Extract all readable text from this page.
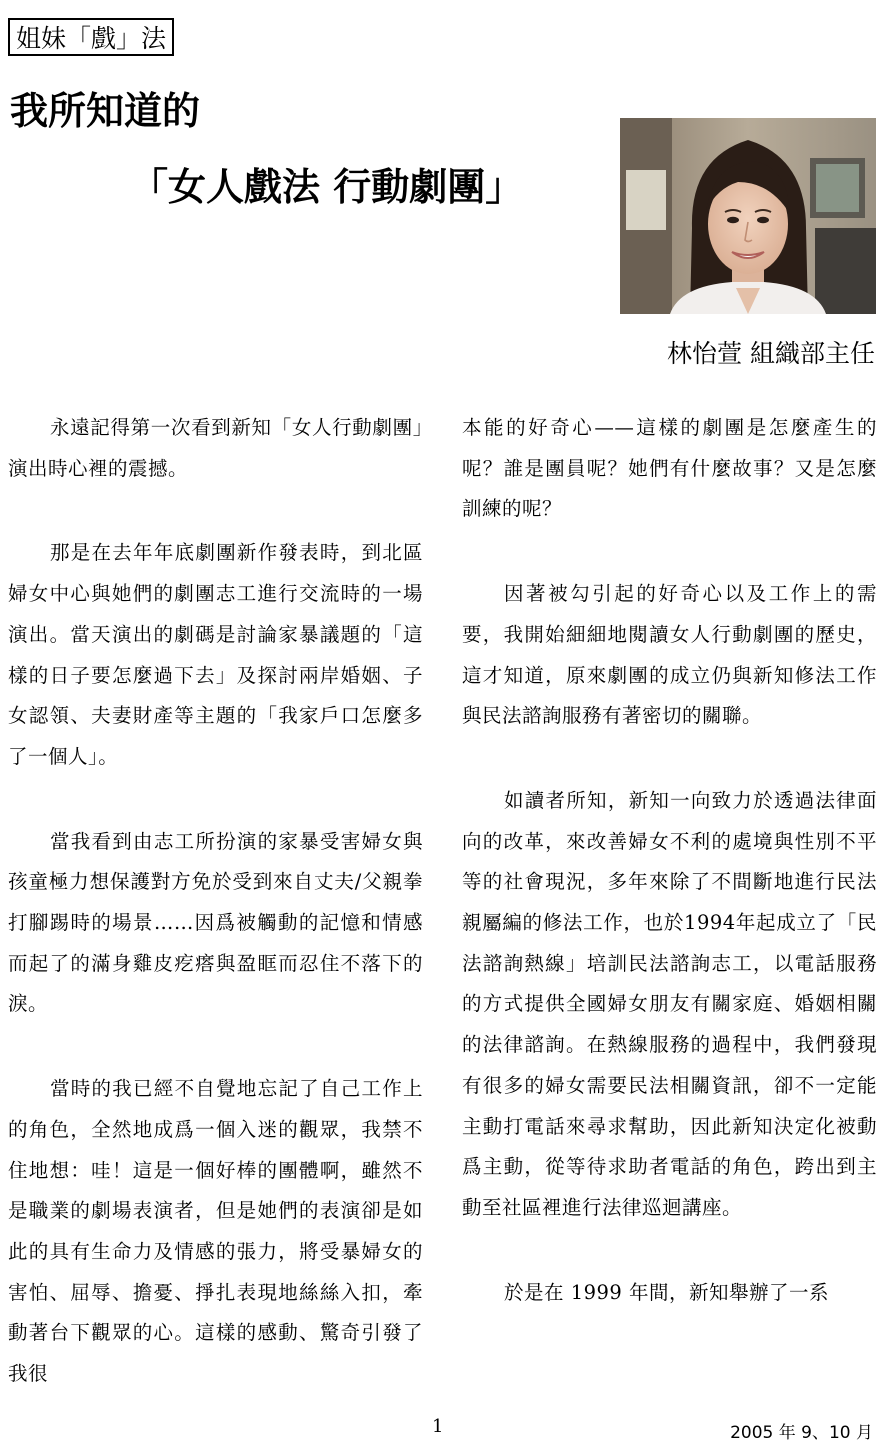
姐妹「戲」法
我所知道的
「女人戲法 行動劇團」
林怡萱 組織部主任

永遠記得第一次看到新知「女人行動劇團」演出時心裡的震撼。

那是在去年年底劇團新作發表時，到北區婦女中心與她們的劇團志工進行交流時的一場演出。當天演出的劇碼是討論家暴議題的「這樣的日子要怎麼過下去」及探討兩岸婚姻、子女認領、夫妻財產等主題的「我家戶口怎麼多了一個人」。

當我看到由志工所扮演的家暴受害婦女與孩童極力想保護對方免於受到來自丈夫/父親拳打腳踢時的場景……因爲被觸動的記憶和情感而起了的滿身雞皮疙瘩與盈眶而忍住不落下的淚。

當時的我已經不自覺地忘記了自己工作上的角色，全然地成爲一個入迷的觀眾，我禁不住地想：哇！這是一個好棒的團體啊，雖然不是職業的劇場表演者，但是她們的表演卻是如此的具有生命力及情感的張力，將受暴婦女的害怕、屈辱、擔憂、掙扎表現地絲絲入扣，牽動著台下觀眾的心。這樣的感動、驚奇引發了我很

本能的好奇心——這樣的劇團是怎麼產生的呢？誰是團員呢？她們有什麼故事？又是怎麼訓練的呢？

因著被勾引起的好奇心以及工作上的需要，我開始細細地閱讀女人行動劇團的歷史，這才知道，原來劇團的成立仍與新知修法工作與民法諮詢服務有著密切的關聯。

如讀者所知，新知一向致力於透過法律面向的改革，來改善婦女不利的處境與性別不平等的社會現況，多年來除了不間斷地進行民法親屬編的修法工作，也於1994年起成立了「民法諮詢熱線」培訓民法諮詢志工，以電話服務的方式提供全國婦女朋友有關家庭、婚姻相關的法律諮詢。在熱線服務的過程中，我們發現有很多的婦女需要民法相關資訊，卻不一定能主動打電話來尋求幫助，因此新知決定化被動爲主動，從等待求助者電話的角色，跨出到主動至社區裡進行法律巡迴講座。

於是在 1999 年間，新知舉辦了一系

1	2005 年 9、10 月
